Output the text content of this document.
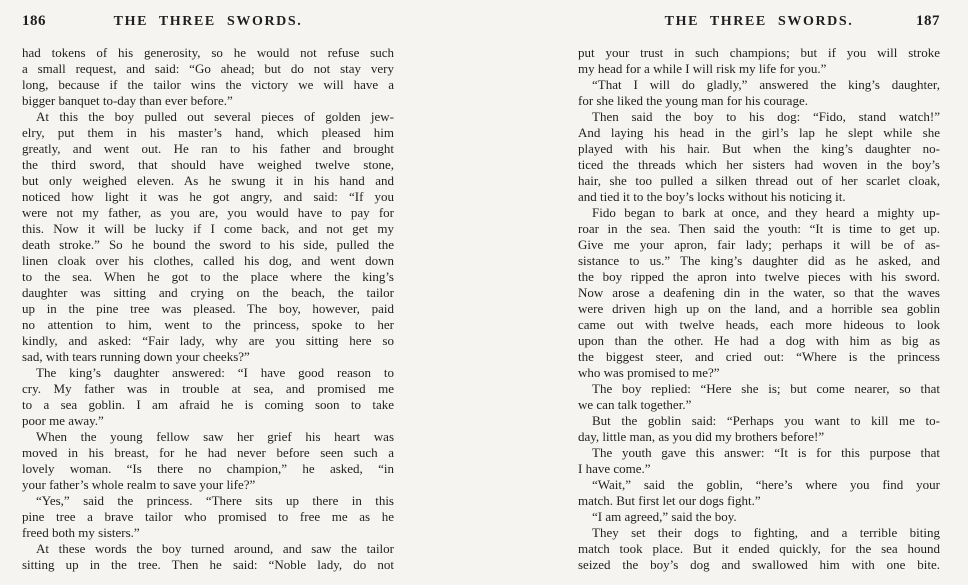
186	THE THREE SWORDS.
had tokens of his generosity, so he would not refuse such
a small request, and said: “Go ahead; but do not stay very
long, because if the tailor wins the victory we will have a
bigger banquet to-day than ever before.”
At this the boy pulled out several pieces of golden jew-
elry, put them in his master’s hand, which pleased him
greatly, and went out. He ran to his father and brought
the third sword, that should have weighed twelve stone,
but only weighed eleven. As he swung it in his hand and
noticed how light it was he got angry, and said: “If you
were not my father, as you are, you would have to pay for
this. Now it will be lucky if I come back, and not get my
death stroke.” So he bound the sword to his side, pulled the
linen cloak over his clothes, called his dog, and went down
to the sea. When he got to the place where the king’s
daughter was sitting and crying on the beach, the tailor
up in the pine tree was pleased. The boy, however, paid
no attention to him, went to the princess, spoke to her
kindly, and asked: “Fair lady, why are you sitting here so
sad, with tears running down your cheeks?”
The king’s daughter answered: “I have good reason to
cry. My father was in trouble at sea, and promised me
to a sea goblin. I am afraid he is coming soon to take
poor me away.”
When the young fellow saw her grief his heart was
moved in his breast, for he had never before seen such a
lovely woman. “Is there no champion,” he asked, “in
your father’s whole realm to save your life?”
“Yes,” said the princess. “There sits up there in this
pine tree a brave tailor who promised to free me as he
freed both my sisters.”
At these words the boy turned around, and saw the tailor
sitting up in the tree. Then he said: “Noble lady, do not
THE THREE SWORDS.	187
put your trust in such champions; but if you will stroke
my head for a while I will risk my life for you.”
“That I will do gladly,” answered the king’s daughter,
for she liked the young man for his courage.
Then said the boy to his dog: “Fido, stand watch!”
And laying his head in the girl’s lap he slept while she
played with his hair. But when the king’s daughter no-
ticed the threads which her sisters had woven in the boy’s
hair, she too pulled a silken thread out of her scarlet cloak,
and tied it to the boy’s locks without his noticing it.
Fido began to bark at once, and they heard a mighty up-
roar in the sea. Then said the youth: “It is time to get up.
Give me your apron, fair lady; perhaps it will be of as-
sistance to us.” The king’s daughter did as he asked, and
the boy ripped the apron into twelve pieces with his sword.
Now arose a deafening din in the water, so that the waves
were driven high up on the land, and a horrible sea goblin
came out with twelve heads, each more hideous to look
upon than the other. He had a dog with him as big as
the biggest steer, and cried out: “Where is the princess
who was promised to me?”
The boy replied: “Here she is; but come nearer, so that
we can talk together.”
But the goblin said: “Perhaps you want to kill me to-
day, little man, as you did my brothers before!”
The youth gave this answer: “It is for this purpose that
I have come.”
“Wait,” said the goblin, “here’s where you find your
match. But first let our dogs fight.”
“I am agreed,” said the boy.
They set their dogs to fighting, and a terrible biting
match took place. But it ended quickly, for the sea hound
seized the boy’s dog and swallowed him with one bite.
